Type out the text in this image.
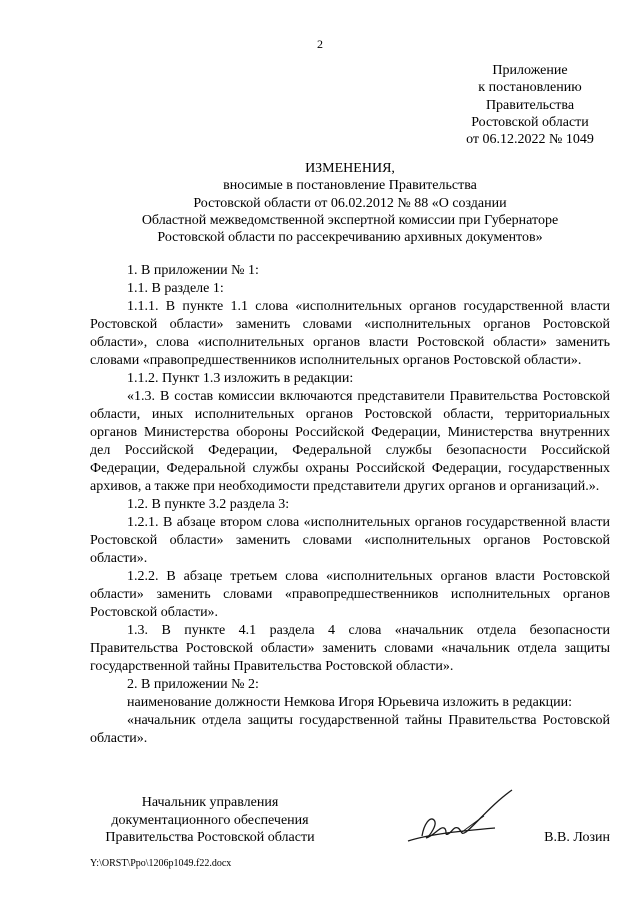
2
Приложение
к постановлению
Правительства
Ростовской области
от 06.12.2022 № 1049
ИЗМЕНЕНИЯ,
вносимые в постановление Правительства
Ростовской области от 06.02.2012 № 88 «О создании
Областной межведомственной экспертной комиссии при Губернаторе
Ростовской области по рассекречиванию архивных документов»

1. В приложении № 1:

1.1. В разделе 1:

1.1.1. В пункте 1.1 слова «исполнительных органов государственной власти Ростовской области» заменить словами «исполнительных органов Ростовской области», слова «исполнительных органов власти Ростовской области» заменить словами «правопредшественников исполнительных органов Ростовской области».

1.1.2. Пункт 1.3 изложить в редакции:

«1.3. В состав комиссии включаются представители Правительства Ростовской области, иных исполнительных органов Ростовской области, территориальных органов Министерства обороны Российской Федерации, Министерства внутренних дел Российской Федерации, Федеральной службы безопасности Российской Федерации, Федеральной службы охраны Российской Федерации, государственных архивов, а также при необходимости представители других органов и организаций.».

1.2. В пункте 3.2 раздела 3:

1.2.1. В абзаце втором слова «исполнительных органов государственной власти Ростовской области» заменить словами «исполнительных органов Ростовской области».

1.2.2. В абзаце третьем слова «исполнительных органов власти Ростовской области» заменить словами «правопредшественников исполнительных органов Ростовской области».

1.3. В пункте 4.1 раздела 4 слова «начальник отдела безопасности Правительства Ростовской области» заменить словами «начальник отдела защиты государственной тайны Правительства Ростовской области».

2. В приложении № 2:

наименование должности Немкова Игоря Юрьевича изложить в редакции:

«начальник отдела защиты государственной тайны Правительства Ростовской области».

Начальник управления
документационного обеспечения
Правительства Ростовской области	В.В. Лозин
Y:\ORST\Ppo\1206p1049.f22.docx
